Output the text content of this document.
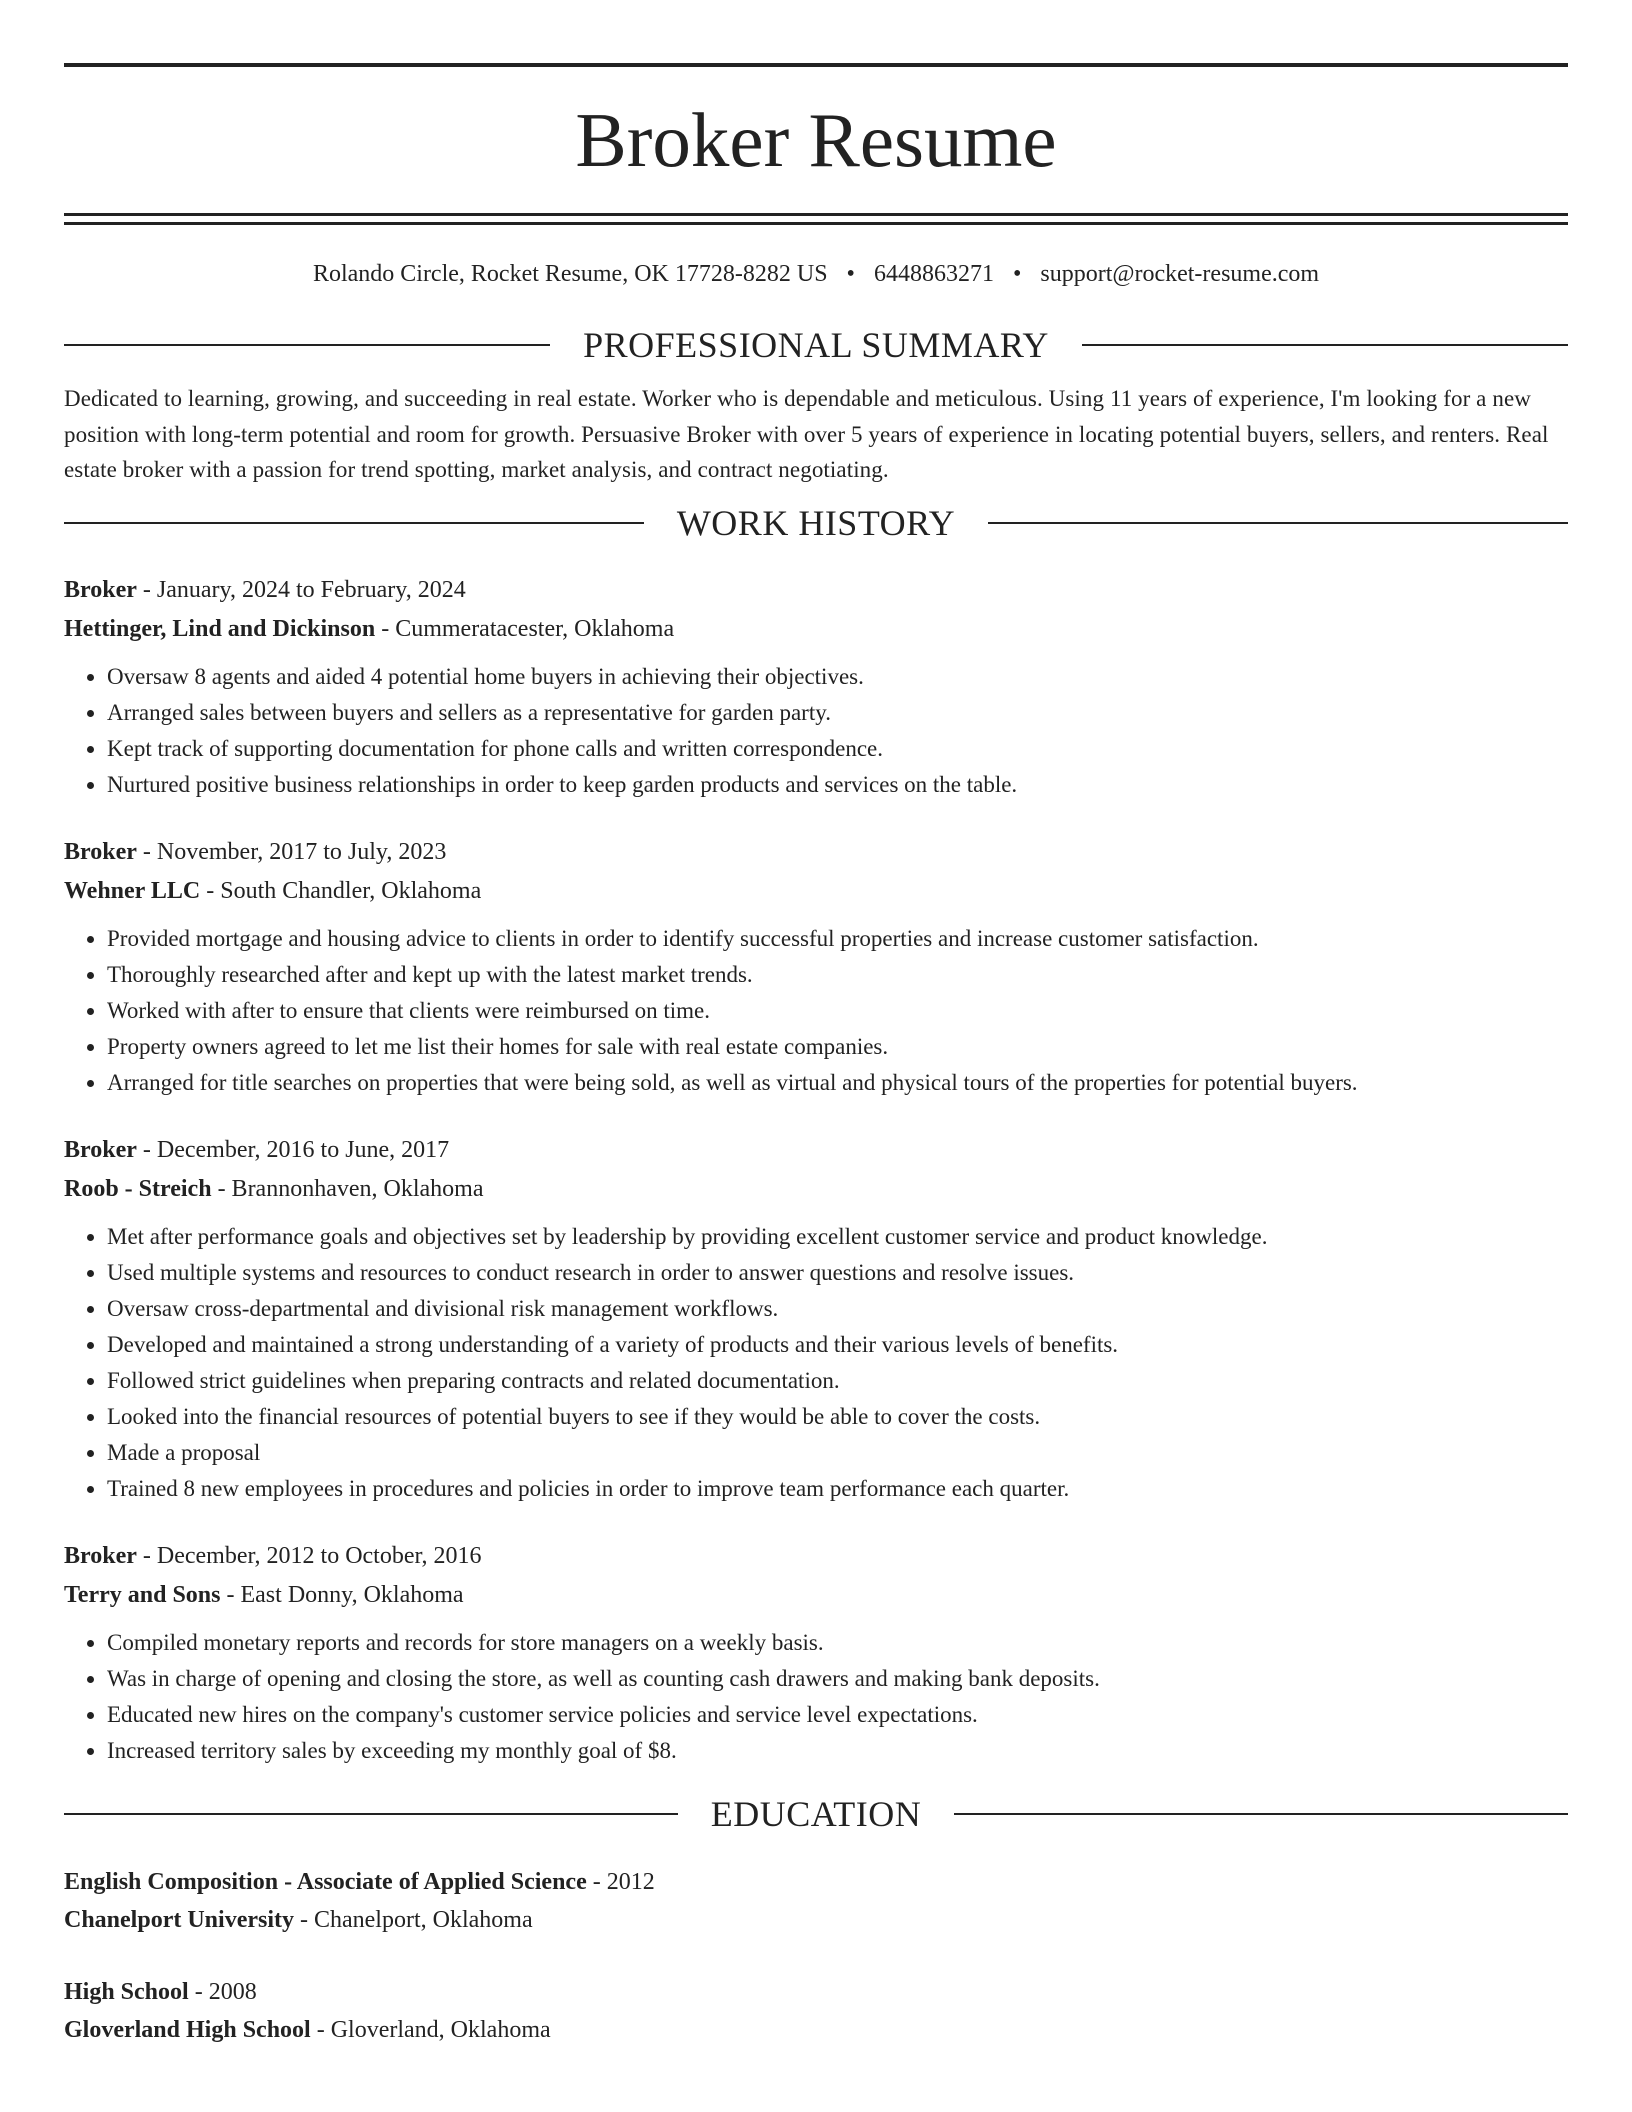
Broker Resume
Rolando Circle, Rocket Resume, OK 17728-8282 US • 6448863271 • support@rocket-resume.com
PROFESSIONAL SUMMARY
Dedicated to learning, growing, and succeeding in real estate. Worker who is dependable and meticulous. Using 11 years of experience, I'm looking for a new position with long-term potential and room for growth. Persuasive Broker with over 5 years of experience in locating potential buyers, sellers, and renters. Real estate broker with a passion for trend spotting, market analysis, and contract negotiating.
WORK HISTORY
Broker - January, 2024 to February, 2024
Hettinger, Lind and Dickinson - Cummeratacester, Oklahoma
• Oversaw 8 agents and aided 4 potential home buyers in achieving their objectives.
• Arranged sales between buyers and sellers as a representative for garden party.
• Kept track of supporting documentation for phone calls and written correspondence.
• Nurtured positive business relationships in order to keep garden products and services on the table.
Broker - November, 2017 to July, 2023
Wehner LLC - South Chandler, Oklahoma
• Provided mortgage and housing advice to clients in order to identify successful properties and increase customer satisfaction.
• Thoroughly researched after and kept up with the latest market trends.
• Worked with after to ensure that clients were reimbursed on time.
• Property owners agreed to let me list their homes for sale with real estate companies.
• Arranged for title searches on properties that were being sold, as well as virtual and physical tours of the properties for potential buyers.
Broker - December, 2016 to June, 2017
Roob - Streich - Brannonhaven, Oklahoma
• Met after performance goals and objectives set by leadership by providing excellent customer service and product knowledge.
• Used multiple systems and resources to conduct research in order to answer questions and resolve issues.
• Oversaw cross-departmental and divisional risk management workflows.
• Developed and maintained a strong understanding of a variety of products and their various levels of benefits.
• Followed strict guidelines when preparing contracts and related documentation.
• Looked into the financial resources of potential buyers to see if they would be able to cover the costs.
• Made a proposal
• Trained 8 new employees in procedures and policies in order to improve team performance each quarter.
Broker - December, 2012 to October, 2016
Terry and Sons - East Donny, Oklahoma
• Compiled monetary reports and records for store managers on a weekly basis.
• Was in charge of opening and closing the store, as well as counting cash drawers and making bank deposits.
• Educated new hires on the company's customer service policies and service level expectations.
• Increased territory sales by exceeding my monthly goal of $8.
EDUCATION
English Composition - Associate of Applied Science - 2012
Chanelport University - Chanelport, Oklahoma
High School - 2008
Gloverland High School - Gloverland, Oklahoma
